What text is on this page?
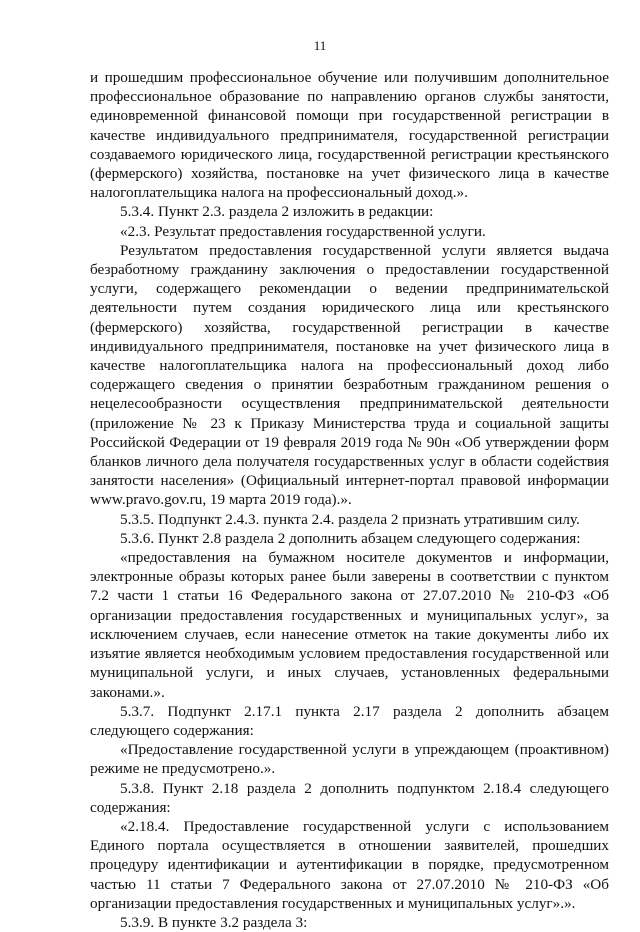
11

и прошедшим профессиональное обучение или получившим дополнительное профессиональное образование по направлению органов службы занятости, единовременной финансовой помощи при государственной регистрации в качестве индивидуального предпринимателя, государственной регистрации создаваемого юридического лица, государственной регистрации крестьянского (фермерского) хозяйства, постановке на учет физического лица в качестве налогоплательщика налога на профессиональный доход.».

5.3.4. Пункт 2.3. раздела 2 изложить в редакции:

«2.3. Результат предоставления государственной услуги.

Результатом предоставления государственной услуги является выдача безработному гражданину заключения о предоставлении государственной услуги, содержащего рекомендации о ведении предпринимательской деятельности путем создания юридического лица или крестьянского (фермерского) хозяйства, государственной регистрации в качестве индивидуального предпринимателя, постановке на учет физического лица в качестве налогоплательщика налога на профессиональный доход либо содержащего сведения о принятии безработным гражданином решения о нецелесообразности осуществления предпринимательской деятельности (приложение № 23 к Приказу Министерства труда и социальной защиты Российской Федерации от 19 февраля 2019 года № 90н «Об утверждении форм бланков личного дела получателя государственных услуг в области содействия занятости населения» (Официальный интернет-портал правовой информации www.pravo.gov.ru, 19 марта 2019 года).».

5.3.5. Подпункт 2.4.3. пункта 2.4. раздела 2 признать утратившим силу.

5.3.6. Пункт 2.8 раздела 2 дополнить абзацем следующего содержания:

«предоставления на бумажном носителе документов и информации, электронные образы которых ранее были заверены в соответствии с пунктом 7.2 части 1 статьи 16 Федерального закона от 27.07.2010 № 210-ФЗ «Об организации предоставления государственных и муниципальных услуг», за исключением случаев, если нанесение отметок на такие документы либо их изъятие является необходимым условием предоставления государственной или муниципальной услуги, и иных случаев, установленных федеральными законами.».

5.3.7. Подпункт 2.17.1 пункта 2.17 раздела 2 дополнить абзацем следующего содержания:

«Предоставление государственной услуги в упреждающем (проактивном) режиме не предусмотрено.».

5.3.8. Пункт 2.18 раздела 2 дополнить подпунктом 2.18.4 следующего содержания:

«2.18.4. Предоставление государственной услуги с использованием Единого портала осуществляется в отношении заявителей, прошедших процедуру идентификации и аутентификации в порядке, предусмотренном частью 11 статьи 7 Федерального закона от 27.07.2010 № 210-ФЗ «Об организации предоставления государственных и муниципальных услуг».».

5.3.9. В пункте 3.2 раздела 3:
